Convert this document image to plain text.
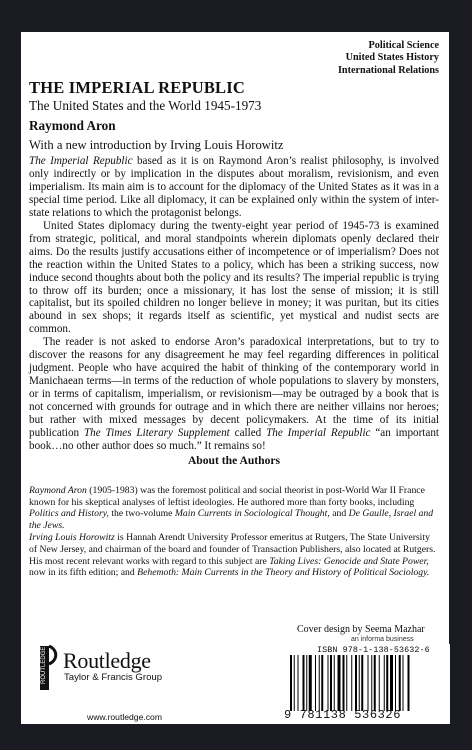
Political Science
United States History
International Relations
THE IMPERIAL REPUBLIC
The United States and the World 1945-1973
Raymond Aron

With a new introduction by Irving Louis Horowitz

The Imperial Republic based as it is on Raymond Aron’s realist philosophy, is involved only indirectly or by implication in the disputes about moralism, revisionism, and even imperialism. Its main aim is to account for the diplomacy of the United States as it was in a special time period. Like all diplomacy, it can be explained only within the system of inter-state relations to which the protagonist belongs.

United States diplomacy during the twenty-eight year period of 1945-73 is examined from strategic, political, and moral standpoints wherein diplomats openly declared their aims. Do the results justify accusations either of incompetence or of imperialism? Does not the reaction within the United States to a policy, which has been a striking success, now induce second thoughts about both the policy and its results? The imperial republic is trying to throw off its burden; once a missionary, it has lost the sense of mission; it is still capitalist, but its spoiled children no longer believe in money; it was puritan, but its cities abound in sex shops; it regards itself as scientific, yet mystical and nudist sects are common.

The reader is not asked to endorse Aron’s paradoxical interpretations, but to try to discover the reasons for any disagreement he may feel regarding differences in political judgment. People who have acquired the habit of thinking of the contemporary world in Manichaean terms—in terms of the reduction of whole populations to slavery by monsters, or in terms of capitalism, imperialism, or revisionism—may be outraged by a book that is not concerned with grounds for outrage and in which there are neither villains nor heroes; but rather with mixed messages by decent policymakers. At the time of its initial publication The Times Literary Supplement called The Imperial Republic “an important book…no other author does so much.” It remains so!

About the Authors

Raymond Aron (1905-1983) was the foremost political and social theorist in post-World War II France known for his skeptical analyses of leftist ideologies. He authored more than forty books, including Politics and History, the two-volume Main Currents in Sociological Thought, and De Gaulle, Israel and the Jews.

Irving Louis Horowitz is Hannah Arendt University Professor emeritus at Rutgers, The State University of New Jersey, and chairman of the board and founder of Transaction Publishers, also located at Rutgers. His most recent relevant works with regard to this subject are Taking Lives: Genocide and State Power, now in its fifth edition; and Behemoth: Main Currents in the Theory and History of Political Sociology.

Cover design by Seema Mazhar
an informa business
ROUTLEDGE Routledge
Taylor & Francis Group
www.routledge.com
ISBN 978-1-138-53632-6
9 781138 536326
